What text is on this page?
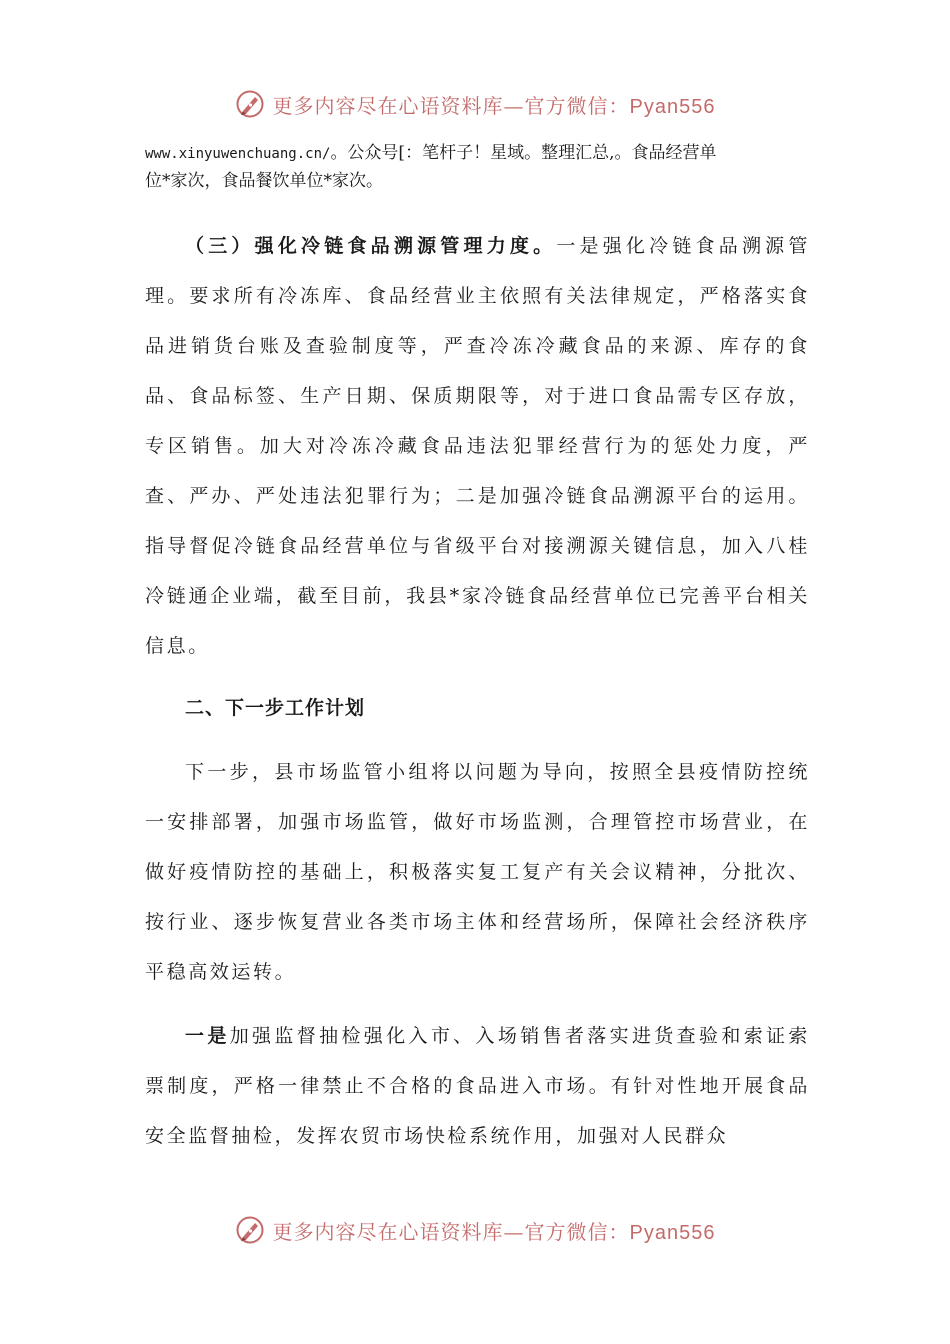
更多内容尽在心语资料库—官方微信：Pyan556

www.xinyuwenchuang.cn/。公众号[：笔杆子！星域。整理汇总,。食品经营单
位*家次，食品餐饮单位*家次。

（三）强化冷链食品溯源管理力度。一是强化冷链食品溯源管理。要求所有冷冻库、食品经营业主依照有关法律规定，严格落实食品进销货台账及查验制度等，严查冷冻冷藏食品的来源、库存的食品、食品标签、生产日期、保质期限等，对于进口食品需专区存放，专区销售。加大对冷冻冷藏食品违法犯罪经营行为的惩处力度，严查、严办、严处违法犯罪行为；二是加强冷链食品溯源平台的运用。指导督促冷链食品经营单位与省级平台对接溯源关键信息，加入八桂冷链通企业端，截至目前，我县*家冷链食品经营单位已完善平台相关信息。

二、下一步工作计划

下一步，县市场监管小组将以问题为导向，按照全县疫情防控统一安排部署，加强市场监管，做好市场监测，合理管控市场营业，在做好疫情防控的基础上，积极落实复工复产有关会议精神，分批次、按行业、逐步恢复营业各类市场主体和经营场所，保障社会经济秩序平稳高效运转。

一是加强监督抽检强化入市、入场销售者落实进货查验和索证索票制度，严格一律禁止不合格的食品进入市场。有针对性地开展食品安全监督抽检，发挥农贸市场快检系统作用，加强对人民群众

更多内容尽在心语资料库—官方微信：Pyan556
